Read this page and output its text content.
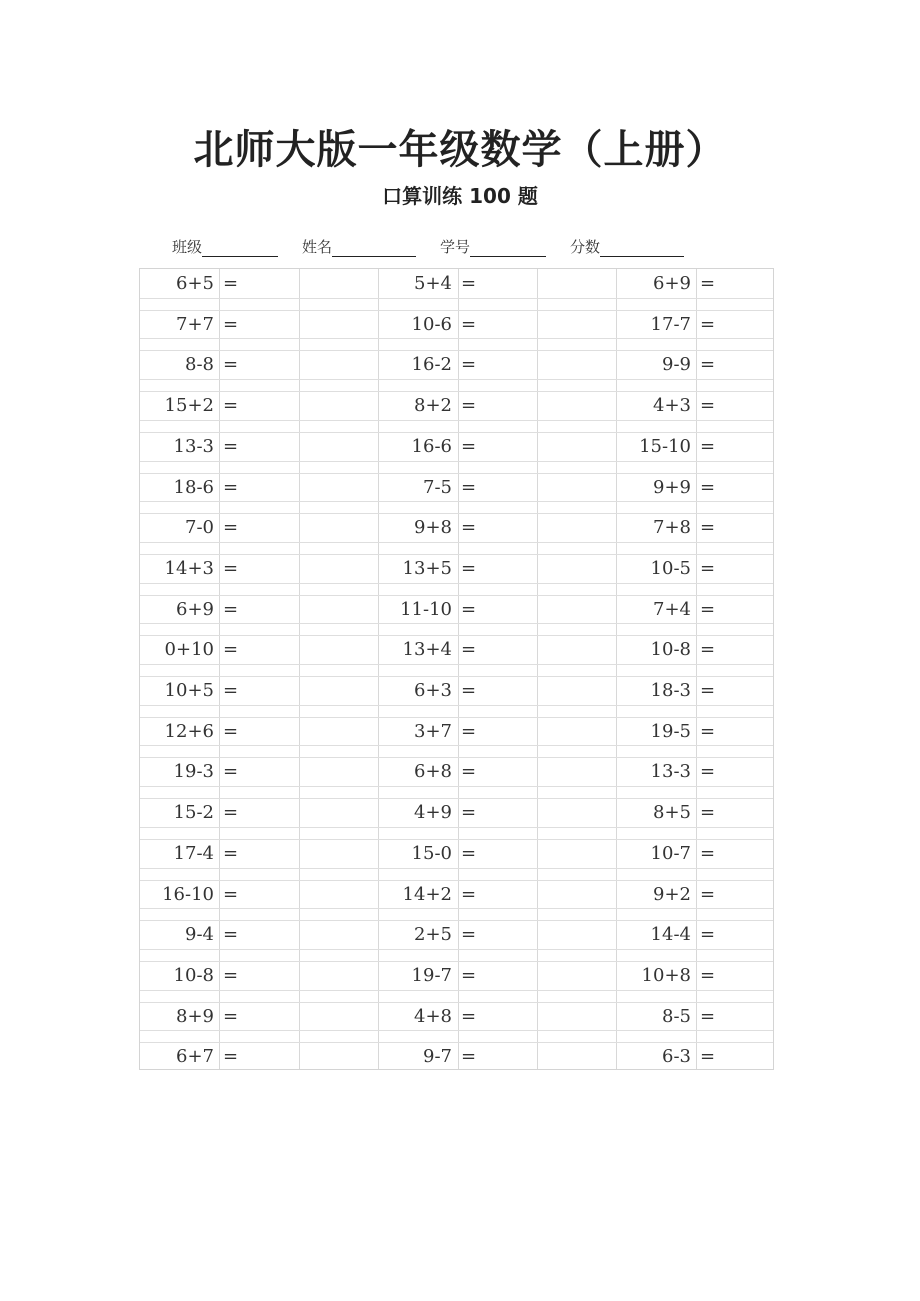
北师大版一年级数学（上册）
口算训练 100 题
班级	姓名	学号	分数
6+5 =	5+4 =	6+9 =
7+7 =	10-6 =	17-7 =
8-8 =	16-2 =	9-9 =
15+2 =	8+2 =	4+3 =
13-3 =	16-6 =	15-10 =
18-6 =	7-5 =	9+9 =
7-0 =	9+8 =	7+8 =
14+3 =	13+5 =	10-5 =
6+9 =	11-10 =	7+4 =
0+10 =	13+4 =	10-8 =
10+5 =	6+3 =	18-3 =
12+6 =	3+7 =	19-5 =
19-3 =	6+8 =	13-3 =
15-2 =	4+9 =	8+5 =
17-4 =	15-0 =	10-7 =
16-10 =	14+2 =	9+2 =
9-4 =	2+5 =	14-4 =
10-8 =	19-7 =	10+8 =
8+9 =	4+8 =	8-5 =
6+7 =	9-7 =	6-3 =
